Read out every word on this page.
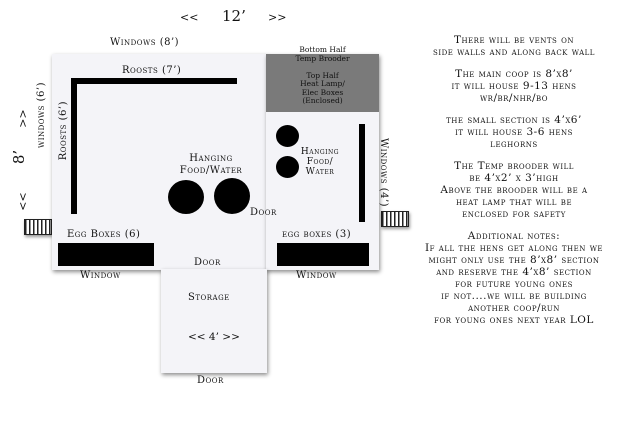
<< 12’ >>
>>
8’
<<
Bottom Half
Temp Brooder

Top Half
Heat Lamp/
Elec Boxes
(Enclosed)
Windows (8’)
windows (6’)
Roosts (7’)
Roosts (6’)	Hanging
Food/Water
Egg Boxes (6)
Window
Door
Hanging
Food/
Water	Windows (4’)
Door
egg boxes (3)
Window
Storage
<< 4’ >>
Door

There will be vents on
side walls and along back wall

The main coop is 8’x8’
it will house 9-13 hens
wr/br/nhr/bo

the small section is 4’x6’
it will house 3-6 hens
leghorns

The Temp brooder will
be 4’x2’ x 3’high
Above the brooder will be a
heat lamp that will be
enclosed for safety

Additional notes:
If all the hens get along then we
might only use the 8’x8’ section
and reserve the 4’x8’ section
for future young ones
if not....we will be building
another coop/run
for young ones next year LOL
